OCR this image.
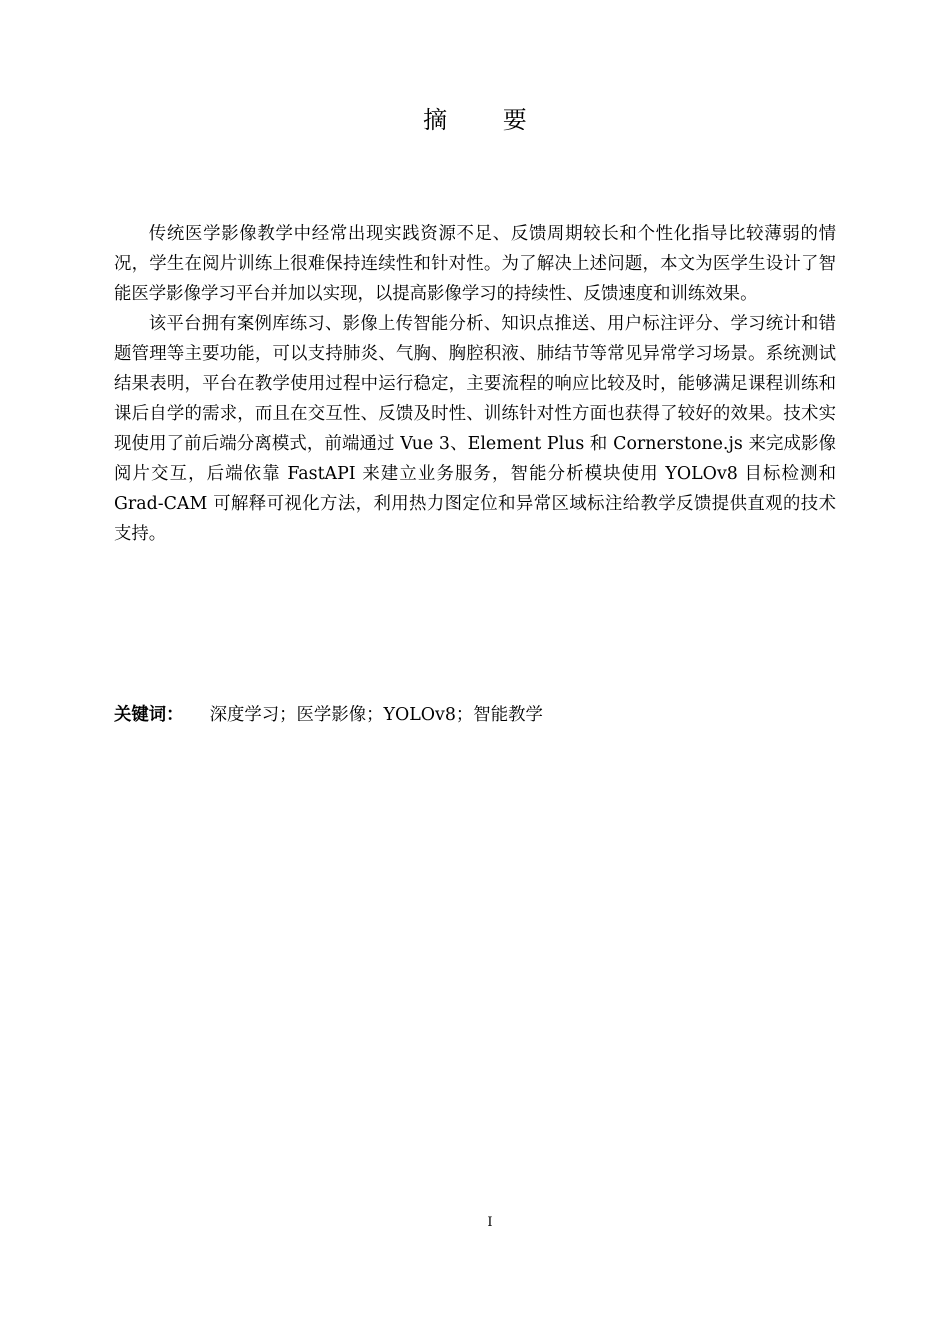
摘 要

传统医学影像教学中经常出现实践资源不足、反馈周期较长和个性化指导比较薄弱的情况，学生在阅片训练上很难保持连续性和针对性。为了解决上述问题，本文为医学生设计了智能医学影像学习平台并加以实现，以提高影像学习的持续性、反馈速度和训练效果。

该平台拥有案例库练习、影像上传智能分析、知识点推送、用户标注评分、学习统计和错题管理等主要功能，可以支持肺炎、气胸、胸腔积液、肺结节等常见异常学习场景。系统测试结果表明，平台在教学使用过程中运行稳定，主要流程的响应比较及时，能够满足课程训练和课后自学的需求，而且在交互性、反馈及时性、训练针对性方面也获得了较好的效果。技术实现使用了前后端分离模式，前端通过 Vue 3、Element Plus 和 Cornerstone.js 来完成影像阅片交互，后端依靠 FastAPI 来建立业务服务，智能分析模块使用 YOLOv8 目标检测和 Grad-CAM 可解释可视化方法，利用热力图定位和异常区域标注给教学反馈提供直观的技术支持。

关键词： 深度学习；医学影像；YOLOv8；智能教学
I
